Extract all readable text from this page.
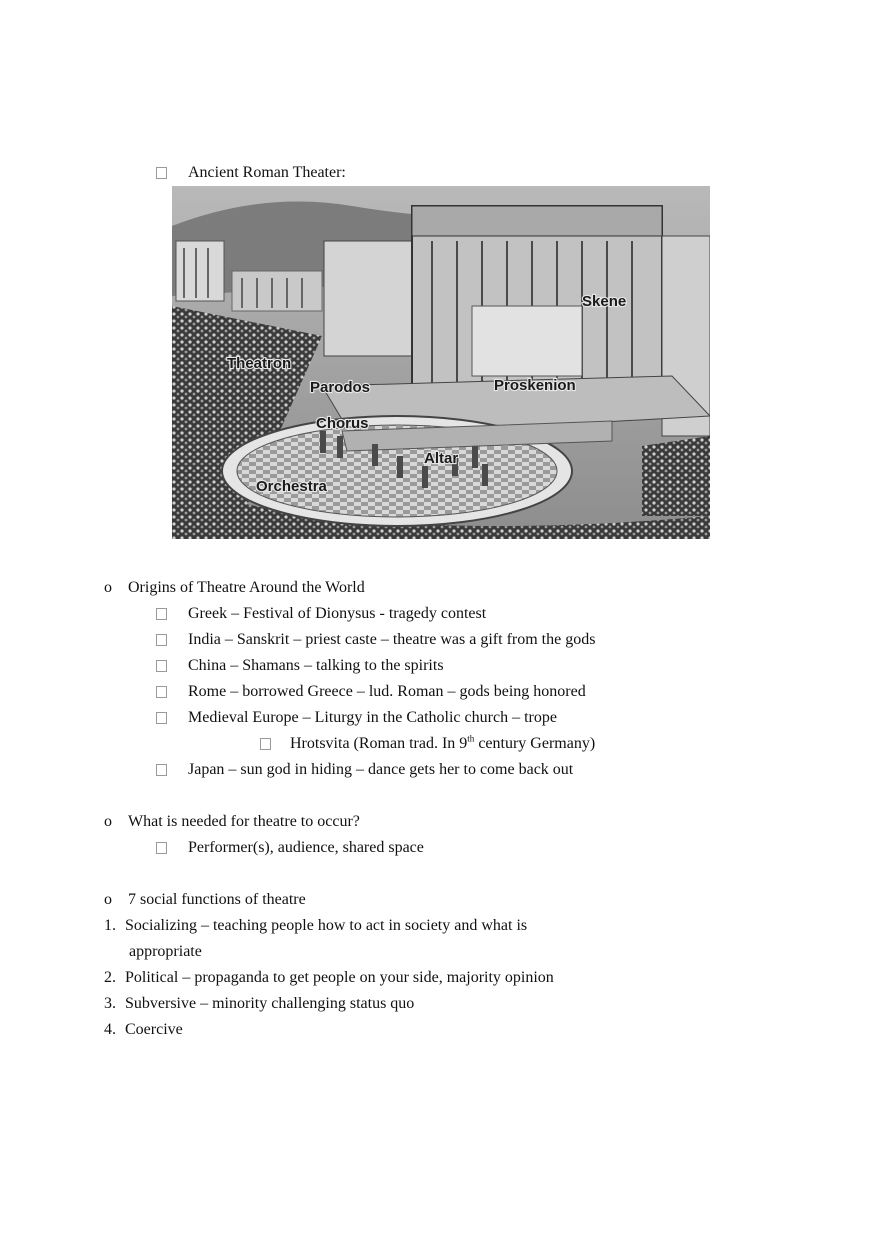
Ancient Roman Theater:
Skene
Theatron
Parodos	Proskenion
Chorus
Altar
Orchestra
o Origins of Theatre Around the World
Greek – Festival of Dionysus - tragedy contest
India – Sanskrit – priest caste – theatre was a gift from the gods
China – Shamans – talking to the spirits
Rome – borrowed Greece – lud. Roman – gods being honored
Medieval Europe – Liturgy in the Catholic church – trope
Hrotsvita (Roman trad. In 9th century Germany)
Japan – sun god in hiding – dance gets her to come back out
o What is needed for theatre to occur?
Performer(s), audience, shared space
o 7 social functions of theatre
1. Socializing – teaching people how to act in society and what is
appropriate
2. Political – propaganda to get people on your side, majority opinion
3. Subversive – minority challenging status quo
4. Coercive
